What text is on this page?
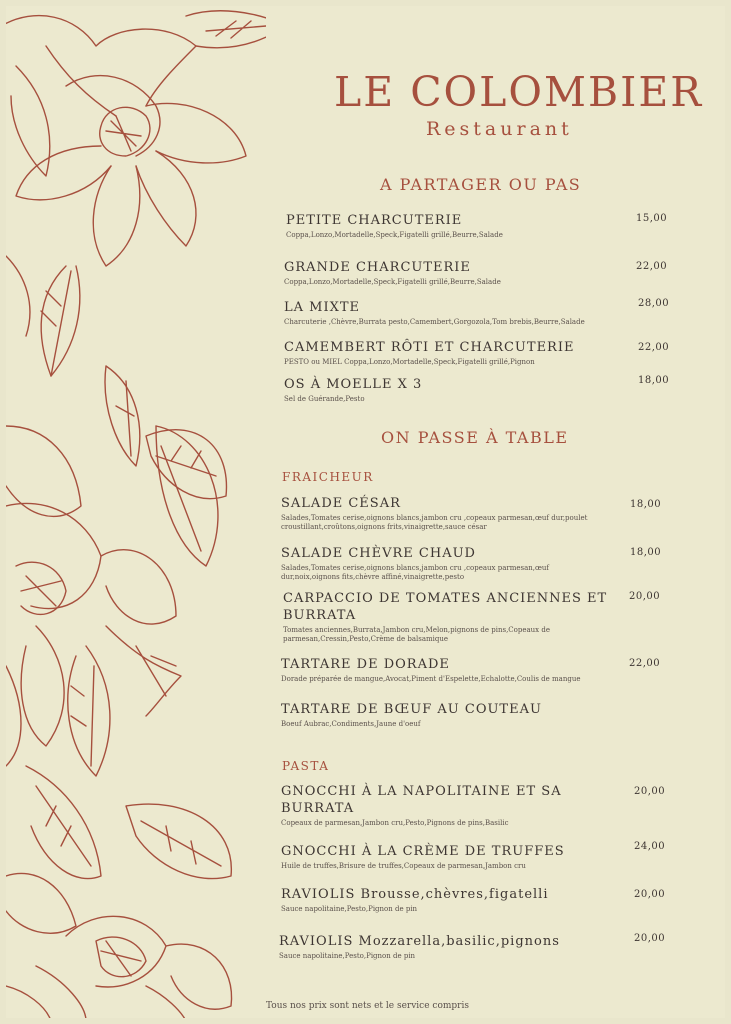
LE COLOMBIER
Restaurant
A PARTAGER OU PAS
PETITE CHARCUTERIE
Coppa,Lonzo,Mortadelle,Speck,Figatelli grillé,Beurre,Salade
15,00
GRANDE CHARCUTERIE
Coppa,Lonzo,Mortadelle,Speck,Figatelli grillé,Beurre,Salade
22,00
LA MIXTE
Charcuterie ,Chèvre,Burrata pesto,Camembert,Gorgozola,Tom brebis,Beurre,Salade
28,00
CAMEMBERT RÔTI ET CHARCUTERIE
PESTO ou MIEL Coppa,Lonzo,Mortadelle,Speck,Figatelli grillé,Pignon
22,00
OS À MOELLE X 3
Sel de Guérande,Pesto
18,00
ON PASSE À TABLE
FRAICHEUR
SALADE CÉSAR
Salades,Tomates cerise,oignons blancs,jambon cru ,copeaux parmesan,œuf dur,poulet croustillant,croûtons,oignons frits,vinaigrette,sauce césar
18,00
SALADE CHÈVRE CHAUD
Salades,Tomates cerise,oignons blancs,jambon cru ,copeaux parmesan,œuf dur,noix,oignons fits,chèvre affiné,vinaigrette,pesto
18,00
CARPACCIO DE TOMATES ANCIENNES ET BURRATA
Tomates anciennes,Burrata,Jambon cru,Melon,pignons de pins,Copeaux de parmesan,Cressin,Pesto,Crème de balsamique
20,00
TARTARE DE DORADE
Dorade préparée de mangue,Avocat,Piment d'Espelette,Echalotte,Coulis de mangue
22,00
TARTARE DE BŒUF AU COUTEAU
Boeuf Aubrac,Condiments,Jaune d'oeuf
PASTA
GNOCCHI À LA NAPOLITAINE ET SA BURRATA
Copeaux de parmesan,Jambon cru,Pesto,Pignons de pins,Basilic
20,00
GNOCCHI À LA CRÈME DE TRUFFES
Huile de truffes,Brisure de truffes,Copeaux de parmesan,Jambon cru
24,00
RAVIOLIS Brousse,chèvres,figatelli
Sauce napolitaine,Pesto,Pignon de pin
20,00
RAVIOLIS Mozzarella,basilic,pignons
Sauce napolitaine,Pesto,Pignon de pin
20,00
Tous nos prix sont nets et le service compris
